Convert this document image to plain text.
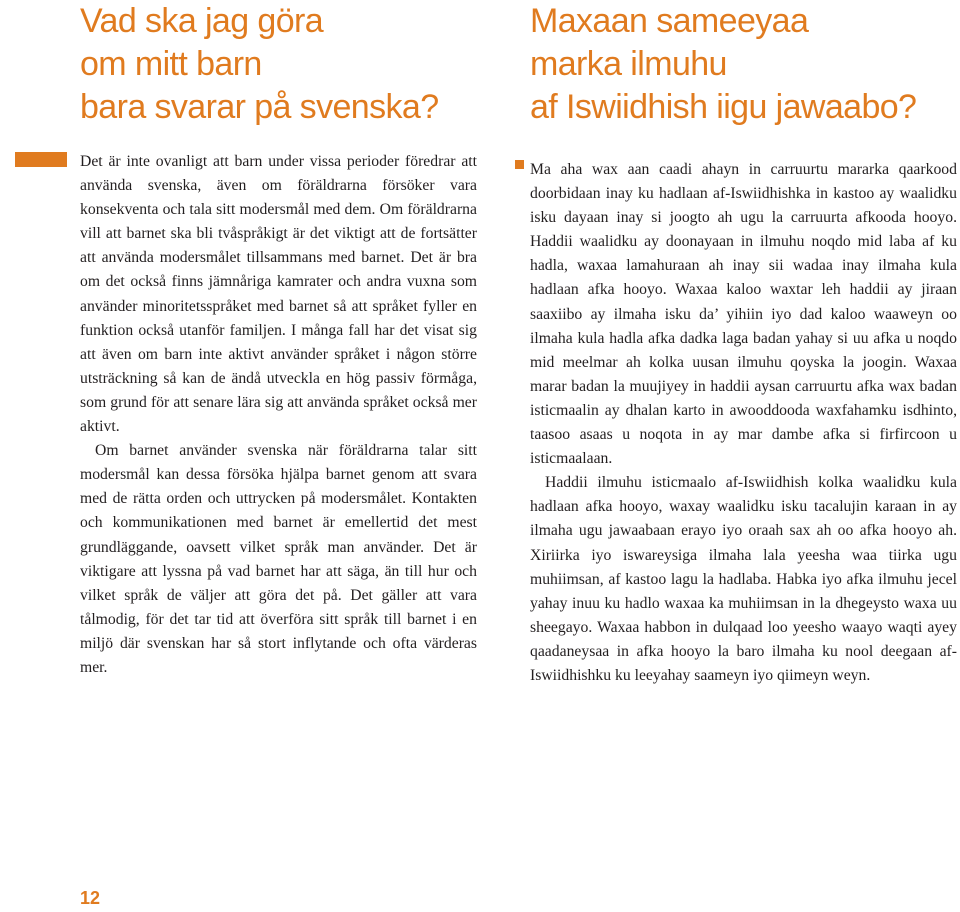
Vad ska jag göra
om mitt barn
bara svarar på svenska?
Maxaan sameeyaa
marka ilmuhu
af Iswiidhish iigu jawaabo?

Det är inte ovanligt att barn under vissa perioder föredrar att använda svenska, även om föräldrarna försöker vara konsekventa och tala sitt modersmål med dem. Om föräldrarna vill att barnet ska bli tvåspråkigt är det viktigt att de fortsätter att använda modersmålet tillsammans med barnet. Det är bra om det också finns jämnåriga kamrater och andra vuxna som använder minoritetsspråket med barnet så att språket fyller en funktion också utanför familjen. I många fall har det visat sig att även om barn inte aktivt använder språket i någon större utsträckning så kan de ändå utveckla en hög passiv förmåga, som grund för att senare lära sig att använda språket också mer aktivt.

Om barnet använder svenska när föräldrarna talar sitt modersmål kan dessa försöka hjälpa barnet genom att svara med de rätta orden och uttrycken på modersmålet. Kontakten och kommunikationen med barnet är emellertid det mest grundläggande, oavsett vilket språk man använder. Det är viktigare att lyssna på vad barnet har att säga, än till hur och vilket språk de väljer att göra det på. Det gäller att vara tålmodig, för det tar tid att överföra sitt språk till barnet i en miljö där svenskan har så stort inflytande och ofta värderas mer.

Ma aha wax aan caadi ahayn in carruurtu mararka qaarkood doorbidaan inay ku hadlaan af-Iswiidhishka in kastoo ay waalidku isku dayaan inay si joogto ah ugu la carruurta afkooda hooyo. Haddii waalidku ay doonayaan in ilmuhu noqdo mid laba af ku hadla, waxaa lamahuraan ah inay sii wadaa inay ilmaha kula hadlaan afka hooyo. Waxaa kaloo waxtar leh haddii ay jiraan saaxiibo ay ilmaha isku da’ yihiin iyo dad kaloo waaweyn oo ilmaha kula hadla afka dadka laga badan yahay si uu afka u noqdo mid meelmar ah kolka uusan ilmuhu qoyska la joogin. Waxaa marar badan la muujiyey in haddii aysan carruurtu afka wax badan isticmaalin ay dhalan karto in awooddooda waxfahamku isdhinto, taasoo asaas u noqota in ay mar dambe afka si firfircoon u isticmaalaan.

Haddii ilmuhu isticmaalo af-Iswiidhish kolka waalidku kula hadlaan afka hooyo, waxay waalidku isku tacalujin karaan in ay ilmaha ugu jawaabaan erayo iyo oraah sax ah oo afka hooyo ah. Xiriirka iyo iswareysiga ilmaha lala yeesha waa tiirka ugu muhiimsan, af kastoo lagu la hadlaba. Habka iyo afka ilmuhu jecel yahay inuu ku hadlo waxaa ka muhiimsan in la dhegeysto waxa uu sheegayo. Waxaa habbon in dulqaad loo yeesho waayo waqti ayey qaadaneysaa in afka hooyo la baro ilmaha ku nool deegaan af-Iswiidhishku ku leeyahay saameyn iyo qiimeyn weyn.

12
